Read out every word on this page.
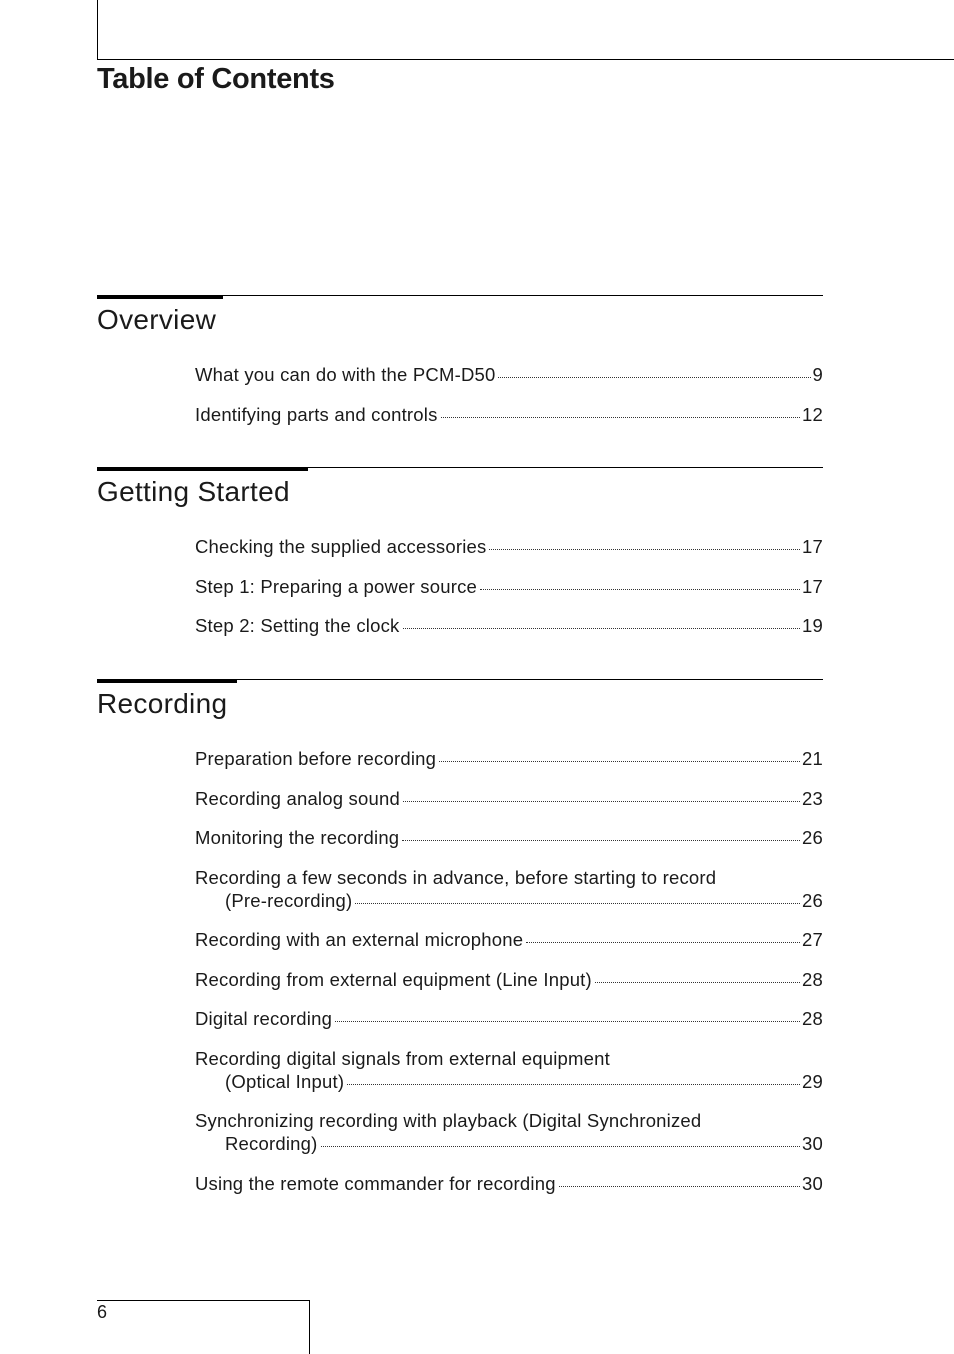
Table of Contents
Overview
What you can do with the PCM-D50	9
Identifying parts and controls	12
Getting Started
Checking the supplied accessories	17
Step 1: Preparing a power source	17
Step 2: Setting the clock	19
Recording
Preparation before recording	21
Recording analog sound	23
Monitoring the recording	26
Recording a few seconds in advance, before starting to record
(Pre-recording)	26
Recording with an external microphone	27
Recording from external equipment (Line Input)	28
Digital recording	28
Recording digital signals from external equipment
(Optical Input)	29
Synchronizing recording with playback (Digital Synchronized
Recording)	30
Using the remote commander for recording	30
6
